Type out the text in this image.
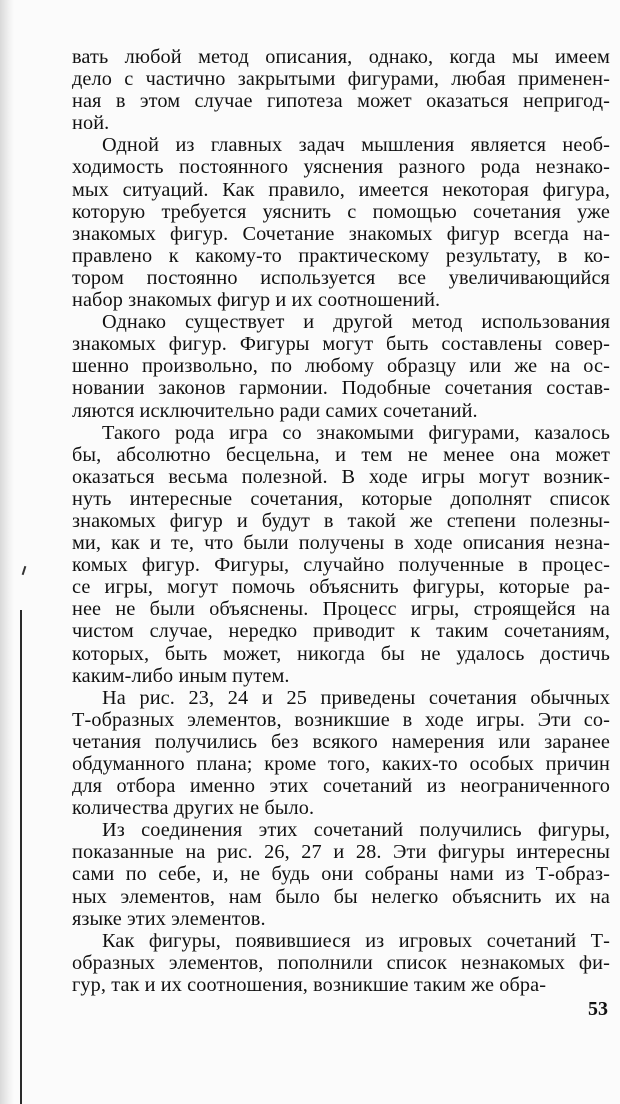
вать любой метод описания, однако, когда мы имеем
дело с частично закрытыми фигурами, любая применен-
ная в этом случае гипотеза может оказаться непригод-
ной.
Одной из главных задач мышления является необ-
ходимость постоянного уяснения разного рода незнако-
мых ситуаций. Как правило, имеется некоторая фигура,
которую требуется уяснить с помощью сочетания уже
знакомых фигур. Сочетание знакомых фигур всегда на-
правлено к какому-то практическому результату, в ко-
тором постоянно используется все увеличивающийся
набор знакомых фигур и их соотношений.
Однако существует и другой метод использования
знакомых фигур. Фигуры могут быть составлены совер-
шенно произвольно, по любому образцу или же на ос-
новании законов гармонии. Подобные сочетания состав-
ляются исключительно ради самих сочетаний.
Такого рода игра со знакомыми фигурами, казалось
бы, абсолютно бесцельна, и тем не менее она может
оказаться весьма полезной. В ходе игры могут возник-
нуть интересные сочетания, которые дополнят список
знакомых фигур и будут в такой же степени полезны-
ми, как и те, что были получены в ходе описания незна-
комых фигур. Фигуры, случайно полученные в процес-
се игры, могут помочь объяснить фигуры, которые ра-
нее не были объяснены. Процесс игры, строящейся на
чистом случае, нередко приводит к таким сочетаниям,
которых, быть может, никогда бы не удалось достичь
каким-либо иным путем.
На рис. 23, 24 и 25 приведены сочетания обычных
Т-образных элементов, возникшие в ходе игры. Эти со-
четания получились без всякого намерения или заранее
обдуманного плана; кроме того, каких-то особых причин
для отбора именно этих сочетаний из неограниченного
количества других не было.
Из соединения этих сочетаний получились фигуры,
показанные на рис. 26, 27 и 28. Эти фигуры интересны
сами по себе, и, не будь они собраны нами из Т-образ-
ных элементов, нам было бы нелегко объяснить их на
языке этих элементов.
Как фигуры, появившиеся из игровых сочетаний Т-
образных элементов, пополнили список незнакомых фи-
гур, так и их соотношения, возникшие таким же обра-
53
